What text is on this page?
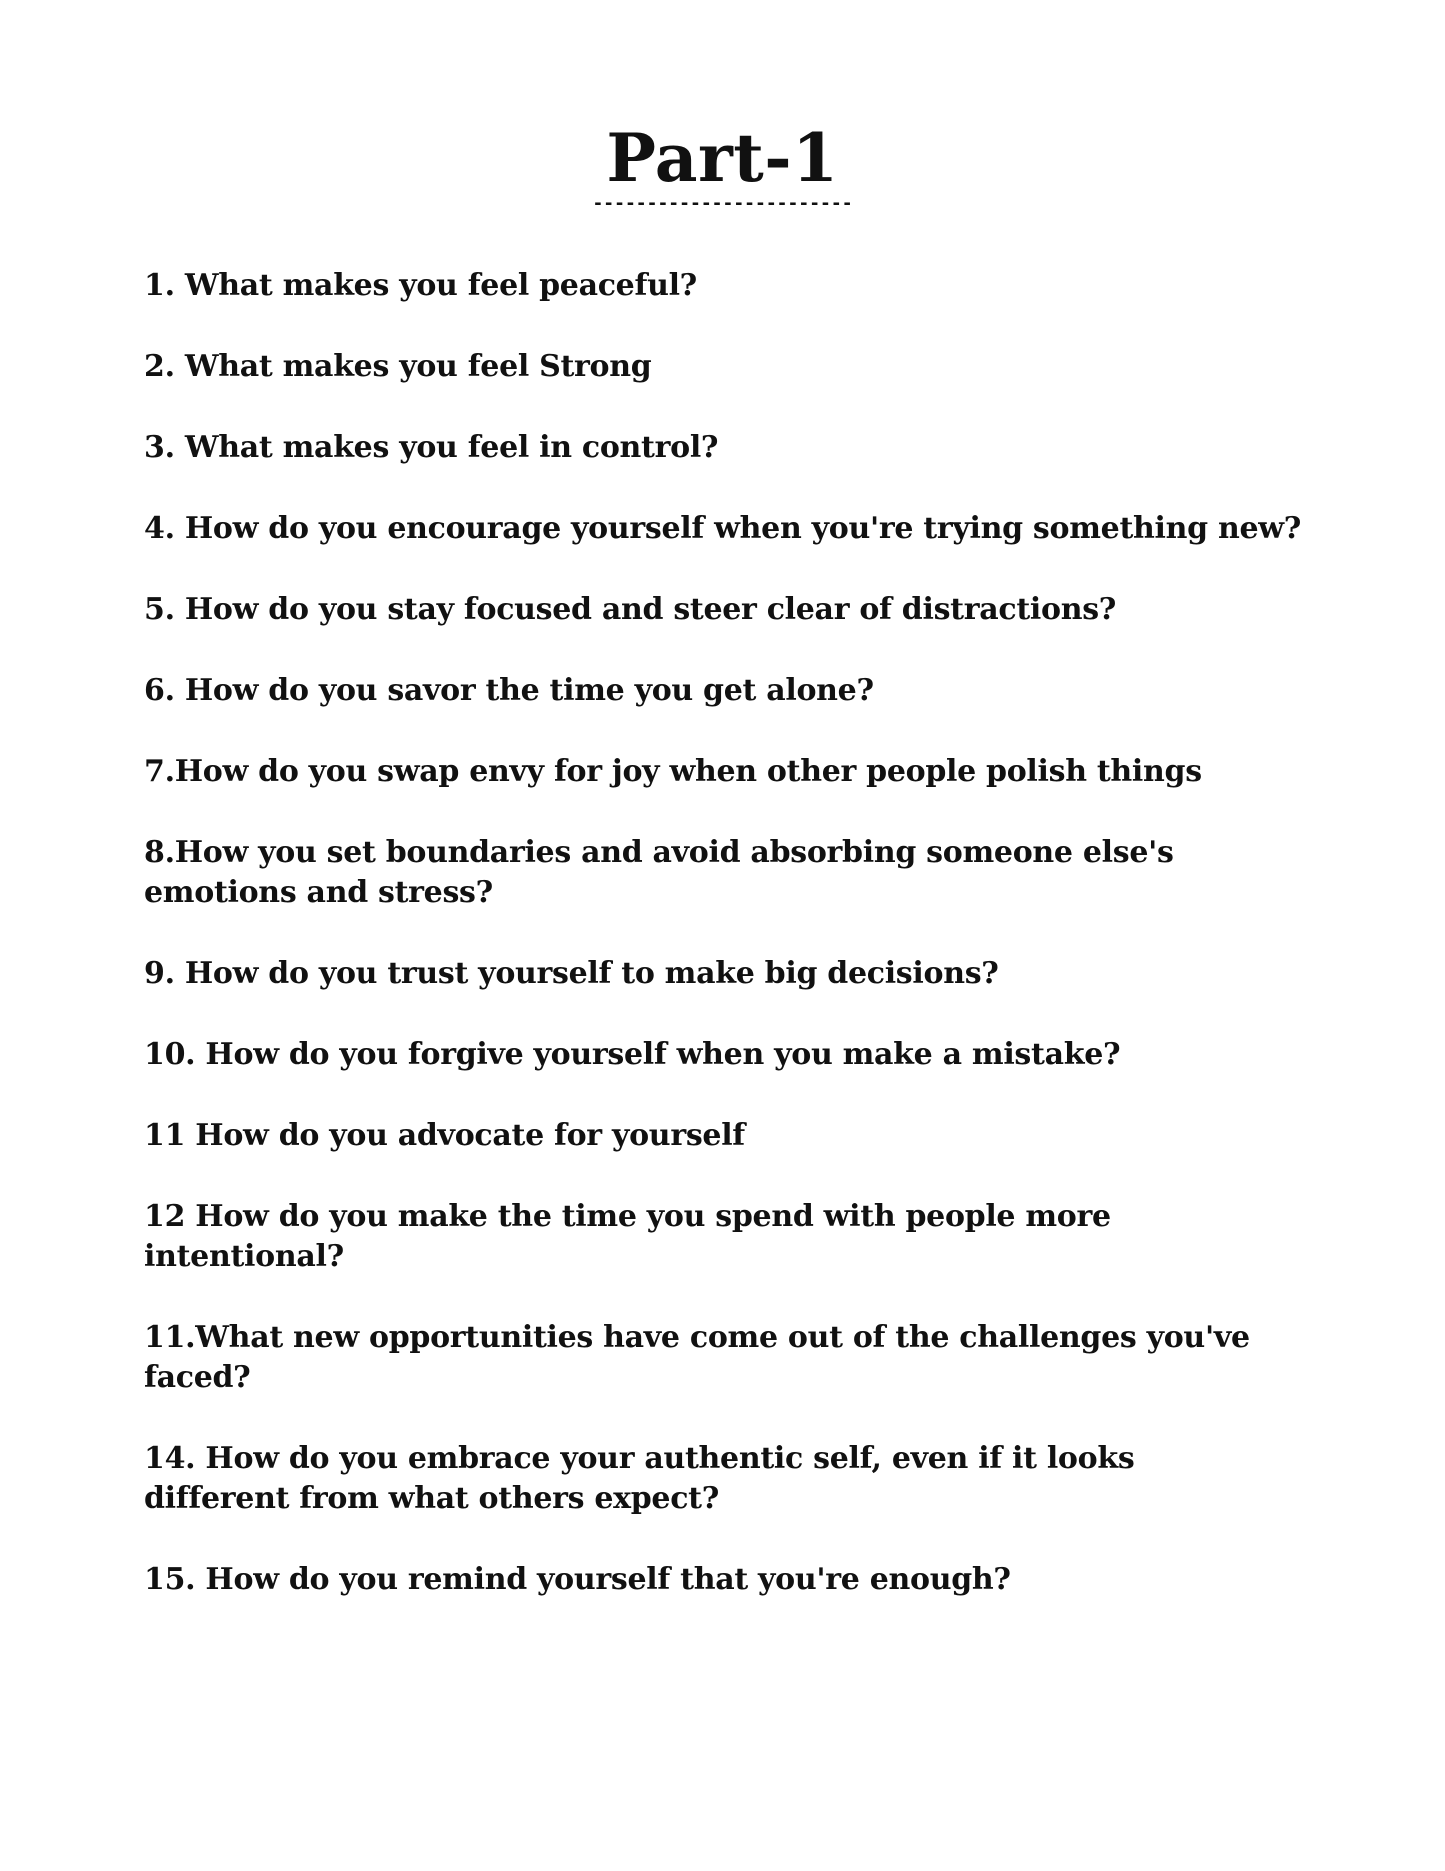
Part-1
------------------------
1. What makes you feel peaceful?
2. What makes you feel Strong
3. What makes you feel in control?
4. How do you encourage yourself when you're trying something new?
5. How do you stay focused and steer clear of distractions?
6. How do you savor the time you get alone?
7.How do you swap envy for joy when other people polish things
8.How you set boundaries and avoid absorbing someone else's
emotions and stress?
9. How do you trust yourself to make big decisions?
10. How do you forgive yourself when you make a mistake?
11 How do you advocate for yourself
12 How do you make the time you spend with people more
intentional?
11.What new opportunities have come out of the challenges you've
faced?
14. How do you embrace your authentic self, even if it looks
different from what others expect?
15. How do you remind yourself that you're enough?
